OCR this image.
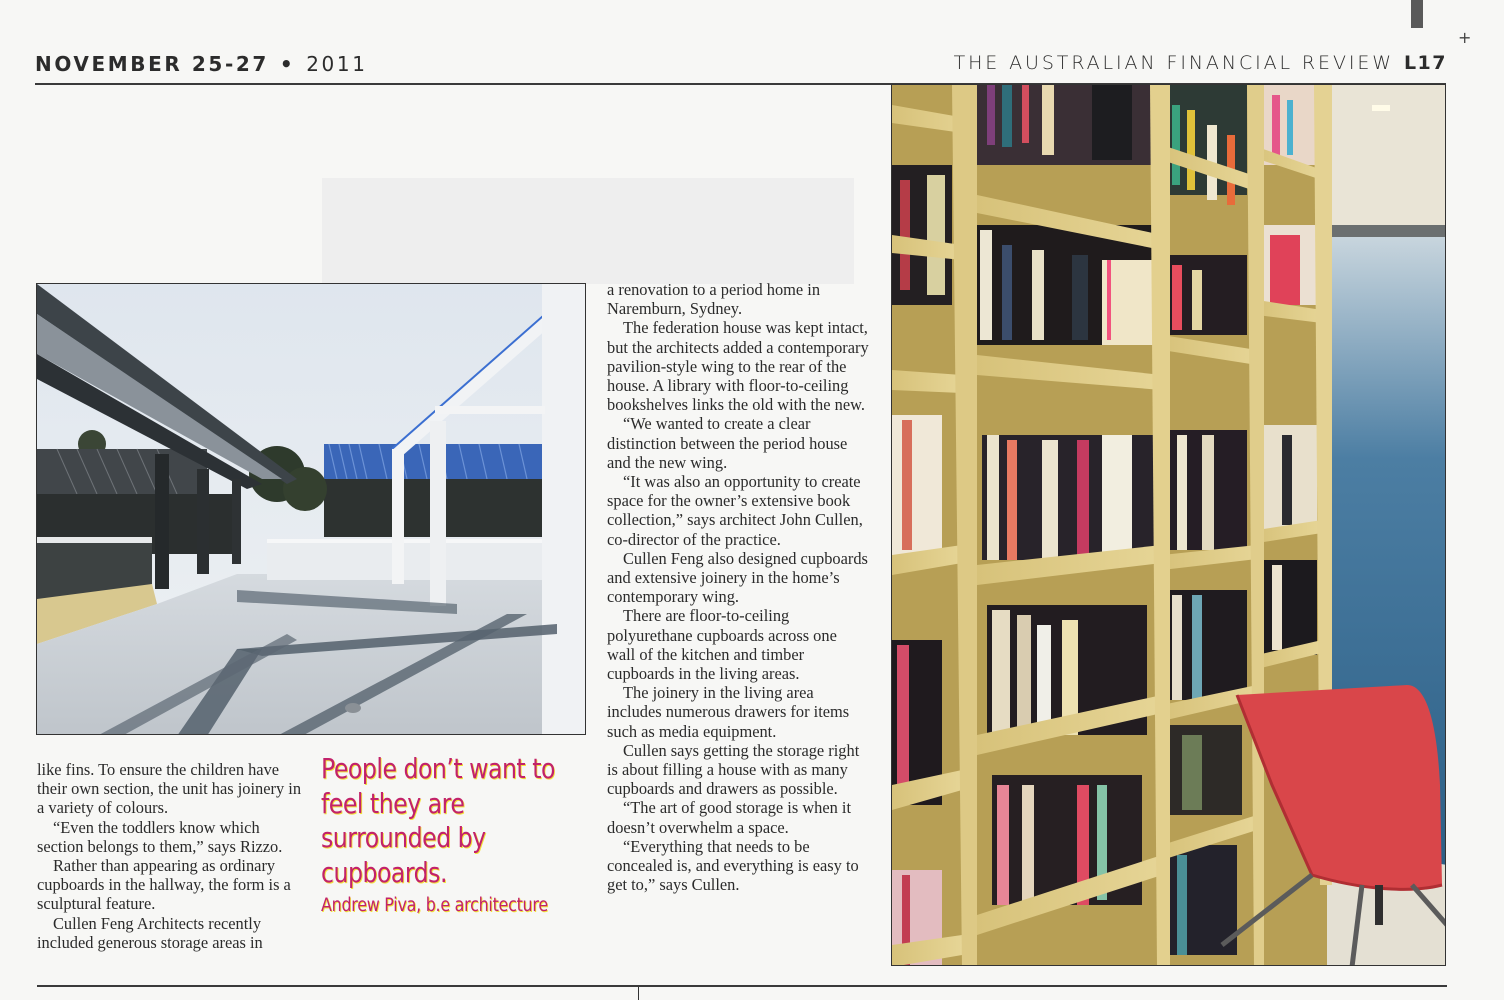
+
NOVEMBER 25-27 • 2011	THE AUSTRALIAN FINANCIAL REVIEW L17

like fins. To ensure the children have their own section, the unit has joinery in a variety of colours.

“Even the toddlers know which section belongs to them,” says Rizzo.

Rather than appearing as ordinary cupboards in the hallway, the form is a sculptural feature.

Cullen Feng Architects recently included generous storage areas in

People don’t want to feel they are surrounded by cupboards.
Andrew Piva, b.e architecture

a renovation to a period home in Naremburn, Sydney.

The federation house was kept intact, but the architects added a contemporary pavilion-style wing to the rear of the house. A library with floor-to-ceiling bookshelves links the old with the new.

“We wanted to create a clear distinction between the period house and the new wing.

“It was also an opportunity to create space for the owner’s extensive book collection,” says architect John Cullen, co-director of the practice.

Cullen Feng also designed cupboards and extensive joinery in the home’s contemporary wing.

There are floor-to-ceiling polyurethane cupboards across one wall of the kitchen and timber cupboards in the living areas.

The joinery in the living area includes numerous drawers for items such as media equipment.

Cullen says getting the storage right is about filling a house with as many cupboards and drawers as possible.

“The art of good storage is when it doesn’t overwhelm a space.

“Everything that needs to be concealed is, and everything is easy to get to,” says Cullen.
